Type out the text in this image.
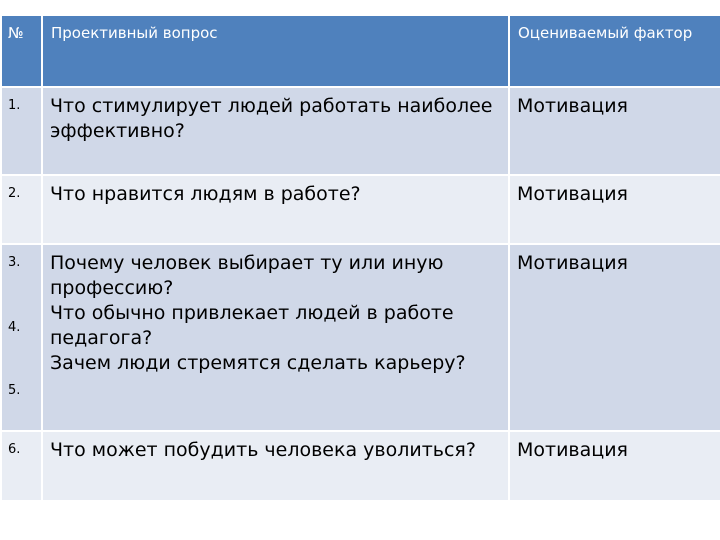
№	Проективный вопрос	Оцениваемый фактор

1.	Что стимулирует людей работать наиболее
эффективно?	Мотивация

2.	Что нравится людям в работе?	Мотивация

3.
4.
5.	Почему человек выбирает ту или иную
профессию?
Что обычно привлекает людей в работе
педагога?
Зачем люди стремятся сделать карьеру?	Мотивация

6.	Что может побудить человека уволиться?	Мотивация
